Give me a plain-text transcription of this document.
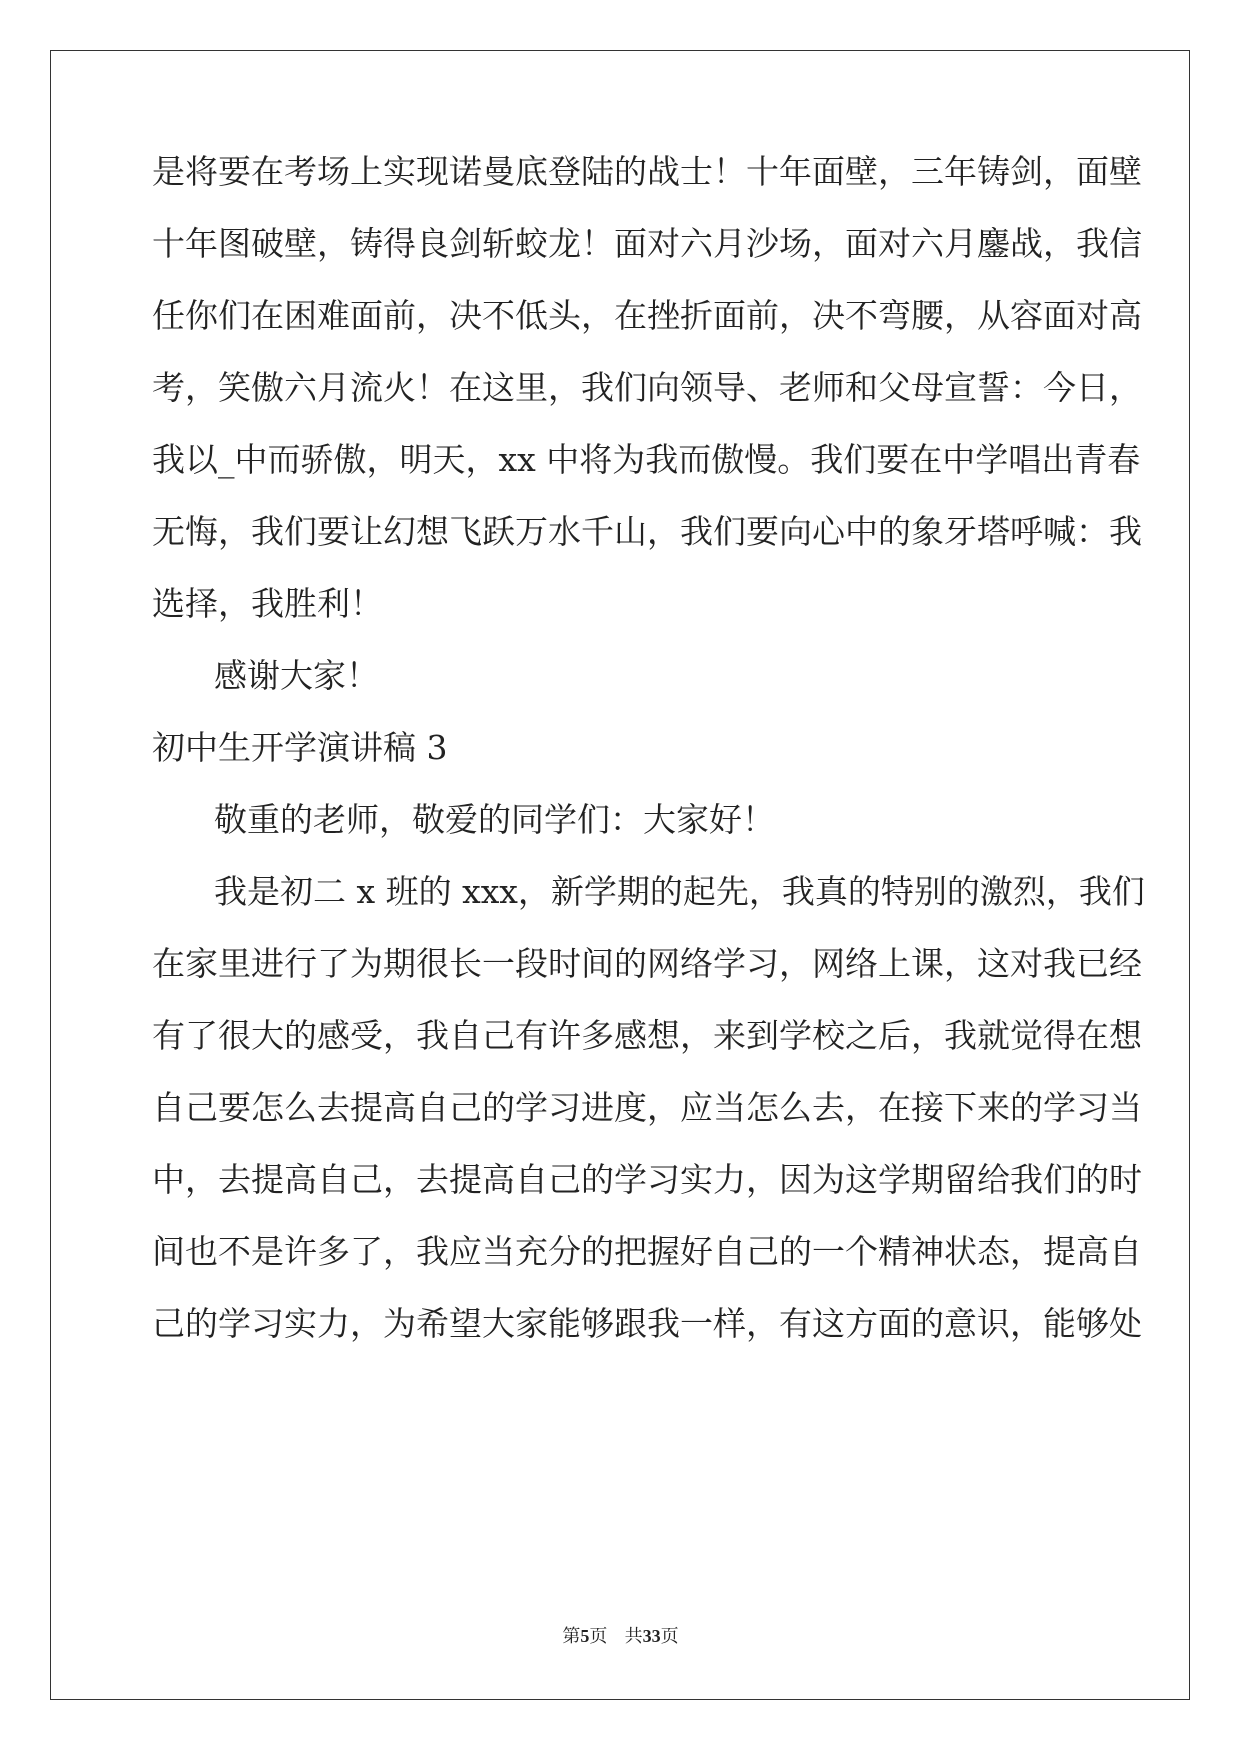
是将要在考场上实现诺曼底登陆的战士！十年面壁，三年铸剑，面壁
十年图破壁，铸得良剑斩蛟龙！面对六月沙场，面对六月鏖战，我信
任你们在困难面前，决不低头，在挫折面前，决不弯腰，从容面对高
考，笑傲六月流火！在这里，我们向领导、老师和父母宣誓：今日，
我以_中而骄傲，明天，xx 中将为我而傲慢。我们要在中学唱出青春
无悔，我们要让幻想飞跃万水千山，我们要向心中的象牙塔呼喊：我
选择，我胜利！
感谢大家！
初中生开学演讲稿 3
敬重的老师，敬爱的同学们：大家好！
我是初二 x 班的 xxx，新学期的起先，我真的特别的激烈，我们
在家里进行了为期很长一段时间的网络学习，网络上课，这对我已经
有了很大的感受，我自己有许多感想，来到学校之后，我就觉得在想
自己要怎么去提高自己的学习进度，应当怎么去，在接下来的学习当
中，去提高自己，去提高自己的学习实力，因为这学期留给我们的时
间也不是许多了，我应当充分的把握好自己的一个精神状态，提高自
己的学习实力，为希望大家能够跟我一样，有这方面的意识，能够处
第5页 共33页
